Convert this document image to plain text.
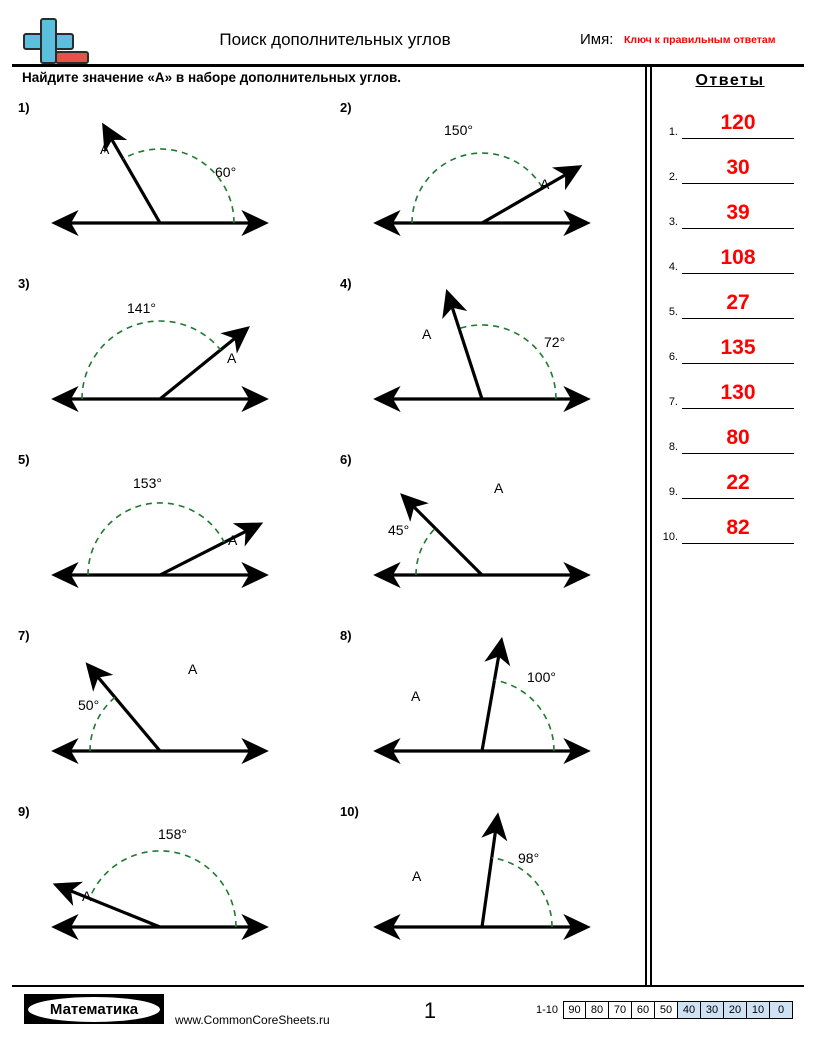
Поиск дополнительных углов	Имя: Ключ к правильным ответам
Найдите значение «А» в наборе дополнительных углов.	Ответы
1.	120
2.	30
3.	39
4.	108
5.	27
6.	135
7.	130
8.	80
9.	22
10.	82
1)
60°
A
2)
150°
A
3)
141°
A
4)
72°
A
5)
153°
A
6)
45°
A
7)
50°
A
8)
100°
A
9)
158°
A
10)
98°
A
Математика
www.CommonCoreSheets.ru	1	1-10 90 80 70 60 50 40 30 20 10	0
